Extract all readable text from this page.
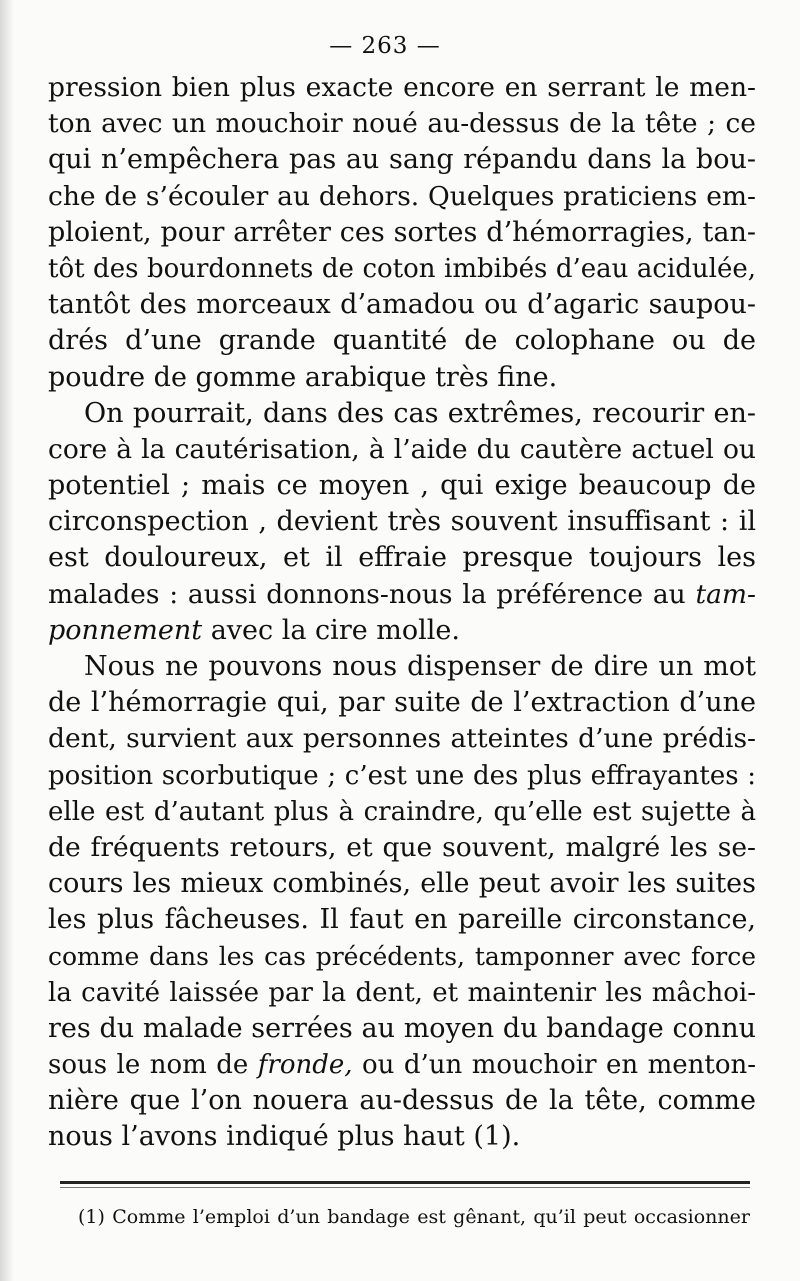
— 263 —
pression bien plus exacte encore en serrant le men-
ton avec un mouchoir noué au-dessus de la tête ; ce
qui n’empêchera pas au sang répandu dans la bou-
che de s’écouler au dehors. Quelques praticiens em-
ploient, pour arrêter ces sortes d’hémorragies, tan-
tôt des bourdonnets de coton imbibés d’eau acidulée,
tantôt des morceaux d’amadou ou d’agaric saupou-
drés d’une grande quantité de colophane ou de
poudre de gomme arabique très fine.
On pourrait, dans des cas extrêmes, recourir en-
core à la cautérisation, à l’aide du cautère actuel ou
potentiel ; mais ce moyen , qui exige beaucoup de
circonspection , devient très souvent insuffisant : il
est douloureux, et il effraie presque toujours les
malades : aussi donnons-nous la préférence au tam-
ponnement avec la cire molle.
Nous ne pouvons nous dispenser de dire un mot
de l’hémorragie qui, par suite de l’extraction d’une
dent, survient aux personnes atteintes d’une prédis-
position scorbutique ; c’est une des plus effrayantes :
elle est d’autant plus à craindre, qu’elle est sujette à
de fréquents retours, et que souvent, malgré les se-
cours les mieux combinés, elle peut avoir les suites
les plus fâcheuses. Il faut en pareille circonstance,
comme dans les cas précédents, tamponner avec force
la cavité laissée par la dent, et maintenir les mâchoi-
res du malade serrées au moyen du bandage connu
sous le nom de fronde, ou d’un mouchoir en menton-
nière que l’on nouera au-dessus de la tête, comme
nous l’avons indiqué plus haut (1).
(1) Comme l’emploi d’un bandage est gênant, qu’il peut occasionner
